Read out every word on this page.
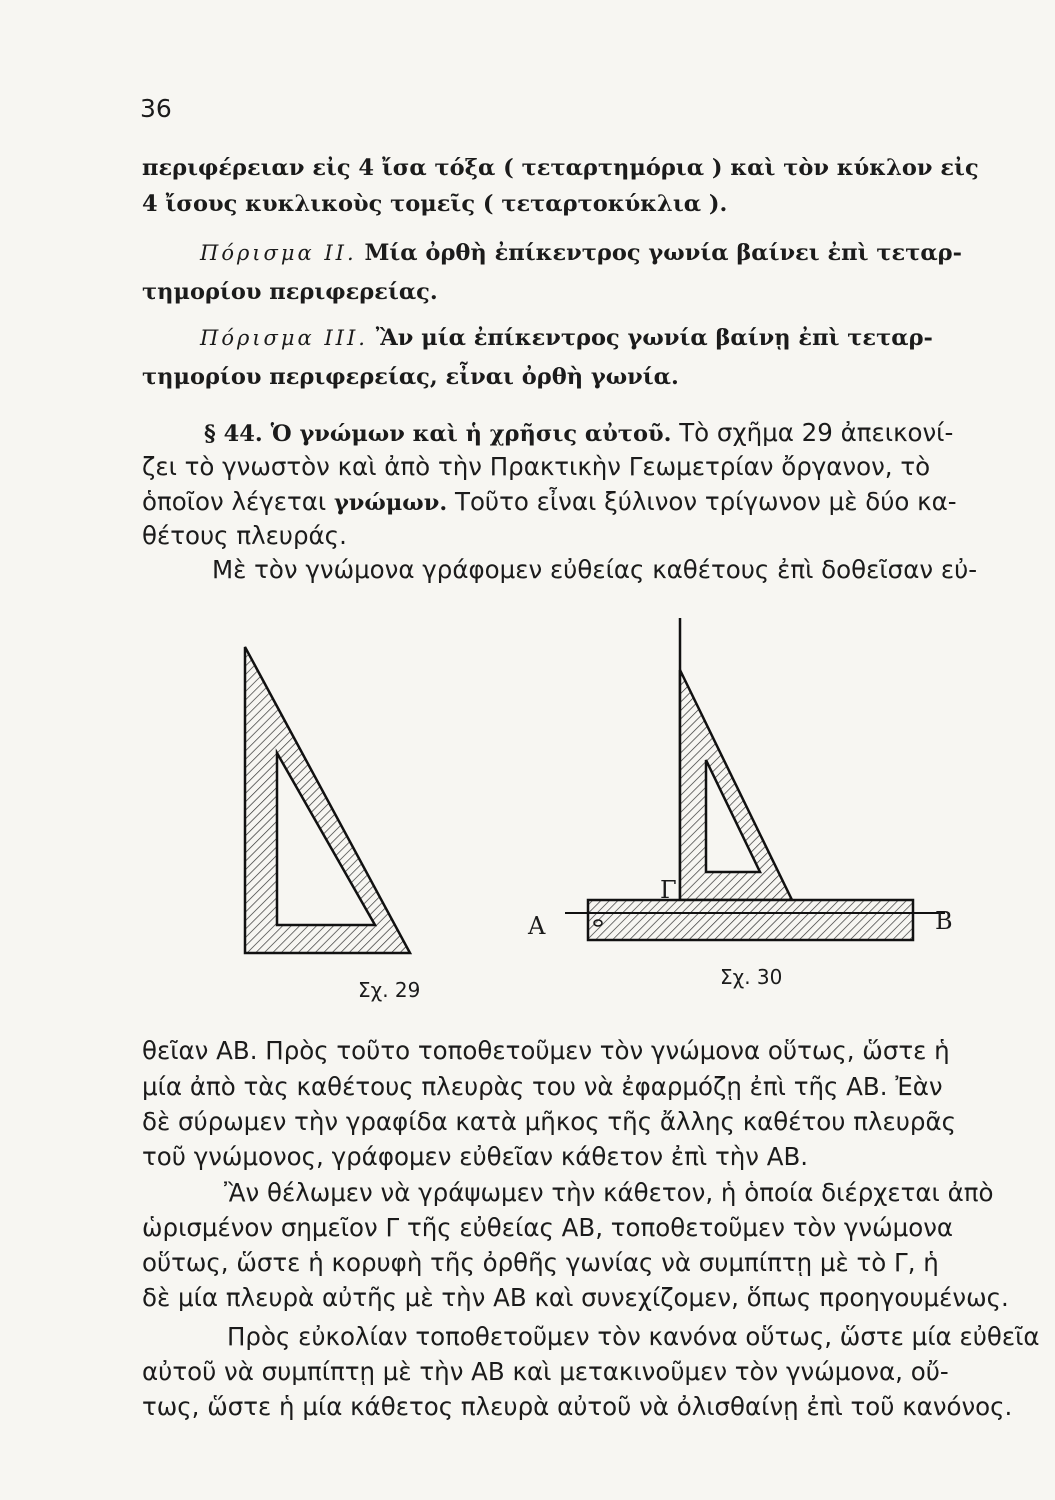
36
περιφέρειαν εἰς 4 ἴσα τόξα ( τεταρτημόρια ) καὶ τὸν κύκλον εἰς
4 ἴσους κυκλικοὺς τομεῖς ( τεταρτοκύκλια ).
Πόρισμα ΙΙ. Μία ὀρθὴ ἐπίκεντρος γωνία βαίνει ἐπὶ τεταρ-
τημορίου περιφερείας.
Πόρισμα ΙΙΙ. Ἂν μία ἐπίκεντρος γωνία βαίνῃ ἐπὶ τεταρ-
τημορίου περιφερείας, εἶναι ὀρθὴ γωνία.
§ 44. Ὁ γνώμων καὶ ἡ χρῆσις αὐτοῦ. Τὸ σχῆμα 29 ἀπεικονί-
ζει τὸ γνωστὸν καὶ ἀπὸ τὴν Πρακτικὴν Γεωμετρίαν ὄργανον, τὸ
ὁποῖον λέγεται γνώμων. Τοῦτο εἶναι ξύλινον τρίγωνον μὲ δύο κα-
θέτους πλευράς.
Μὲ τὸν γνώμονα γράφομεν εὐθείας καθέτους ἐπὶ δοθεῖσαν εὐ-
Σχ. 29
Α	Β
Γ
Σχ. 30
θεῖαν ΑΒ. Πρὸς τοῦτο τοποθετοῦμεν τὸν γνώμονα οὕτως, ὥστε ἡ
μία ἀπὸ τὰς καθέτους πλευρὰς του νὰ ἐφαρμόζῃ ἐπὶ τῆς ΑΒ. Ἐὰν
δὲ σύρωμεν τὴν γραφίδα κατὰ μῆκος τῆς ἄλλης καθέτου πλευρᾶς
τοῦ γνώμονος, γράφομεν εὐθεῖαν κάθετον ἐπὶ τὴν ΑΒ.
Ἂν θέλωμεν νὰ γράψωμεν τὴν κάθετον, ἡ ὁποία διέρχεται ἀπὸ
ὡρισμένον σημεῖον Γ τῆς εὐθείας ΑΒ, τοποθετοῦμεν τὸν γνώμονα
οὕτως, ὥστε ἡ κορυφὴ τῆς ὀρθῆς γωνίας νὰ συμπίπτῃ μὲ τὸ Γ, ἡ
δὲ μία πλευρὰ αὐτῆς μὲ τὴν ΑΒ καὶ συνεχίζομεν, ὅπως προηγουμένως.
Πρὸς εὐκολίαν τοποθετοῦμεν τὸν κανόνα οὕτως, ὥστε μία εὐθεῖα
αὐτοῦ νὰ συμπίπτῃ μὲ τὴν ΑΒ καὶ μετακινοῦμεν τὸν γνώμονα, οὔ-
τως, ὥστε ἡ μία κάθετος πλευρὰ αὐτοῦ νὰ ὀλισθαίνῃ ἐπὶ τοῦ κανόνος.
